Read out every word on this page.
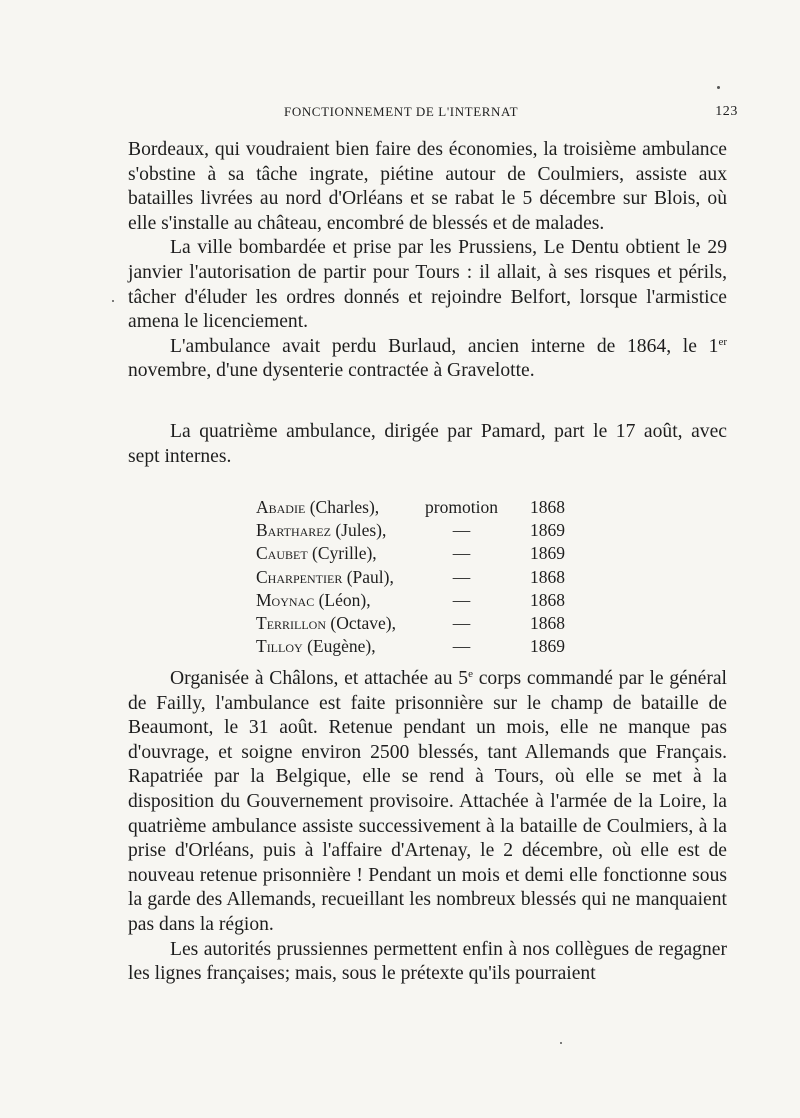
FONCTIONNEMENT DE L'INTERNAT	123

Bordeaux, qui voudraient bien faire des économies, la troisième ambulance s'obstine à sa tâche ingrate, piétine autour de Coulmiers, assiste aux batailles livrées au nord d'Orléans et se rabat le 5 décembre sur Blois, où elle s'installe au château, encombré de blessés et de malades.

La ville bombardée et prise par les Prussiens, Le Dentu obtient le 29 janvier l'autorisation de partir pour Tours : il allait, à ses risques et périls, tâcher d'éluder les ordres donnés et rejoindre Belfort, lorsque l'armistice amena le licenciement.

L'ambulance avait perdu Burlaud, ancien interne de 1864, le 1er novembre, d'une dysenterie contractée à Gravelotte.

La quatrième ambulance, dirigée par Pamard, part le 17 août, avec sept internes.

Abadie (Charles),	promotion	1868
Bartharez (Jules),	—	1869
Caubet (Cyrille),	—	1869
Charpentier (Paul),	—	1868
Moynac (Léon),	—	1868
Terrillon (Octave),	—	1868
Tilloy (Eugène),	—	1869

Organisée à Châlons, et attachée au 5e corps commandé par le général de Failly, l'ambulance est faite prisonnière sur le champ de bataille de Beaumont, le 31 août. Retenue pendant un mois, elle ne manque pas d'ouvrage, et soigne environ 2500 blessés, tant Allemands que Français. Rapatriée par la Belgique, elle se rend à Tours, où elle se met à la disposition du Gouvernement provisoire. Attachée à l'armée de la Loire, la quatrième ambulance assiste successivement à la bataille de Coulmiers, à la prise d'Orléans, puis à l'affaire d'Artenay, le 2 décembre, où elle est de nouveau retenue prisonnière ! Pendant un mois et demi elle fonctionne sous la garde des Allemands, recueillant les nombreux blessés qui ne manquaient pas dans la région.

Les autorités prussiennes permettent enfin à nos collègues de regagner les lignes françaises; mais, sous le prétexte qu'ils pourraient
